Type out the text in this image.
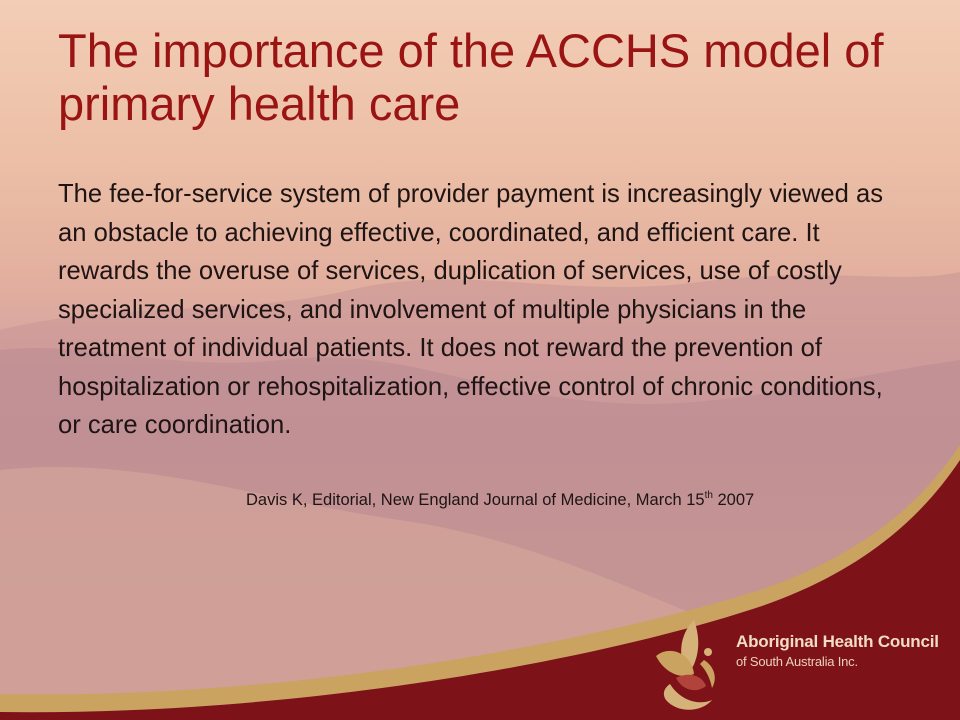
The importance of the ACCHS model of primary health care

The fee-for-service system of provider payment is increasingly viewed as an obstacle to achieving effective, coordinated, and efficient care. It rewards the overuse of services, duplication of services, use of costly specialized services, and involvement of multiple physicians in the treatment of individual patients. It does not reward the prevention of hospitalization or rehospitalization, effective control of chronic conditions, or care coordination.

Davis K, Editorial, New England Journal of Medicine, March 15th 2007

Aboriginal Health Council
of South Australia Inc.
